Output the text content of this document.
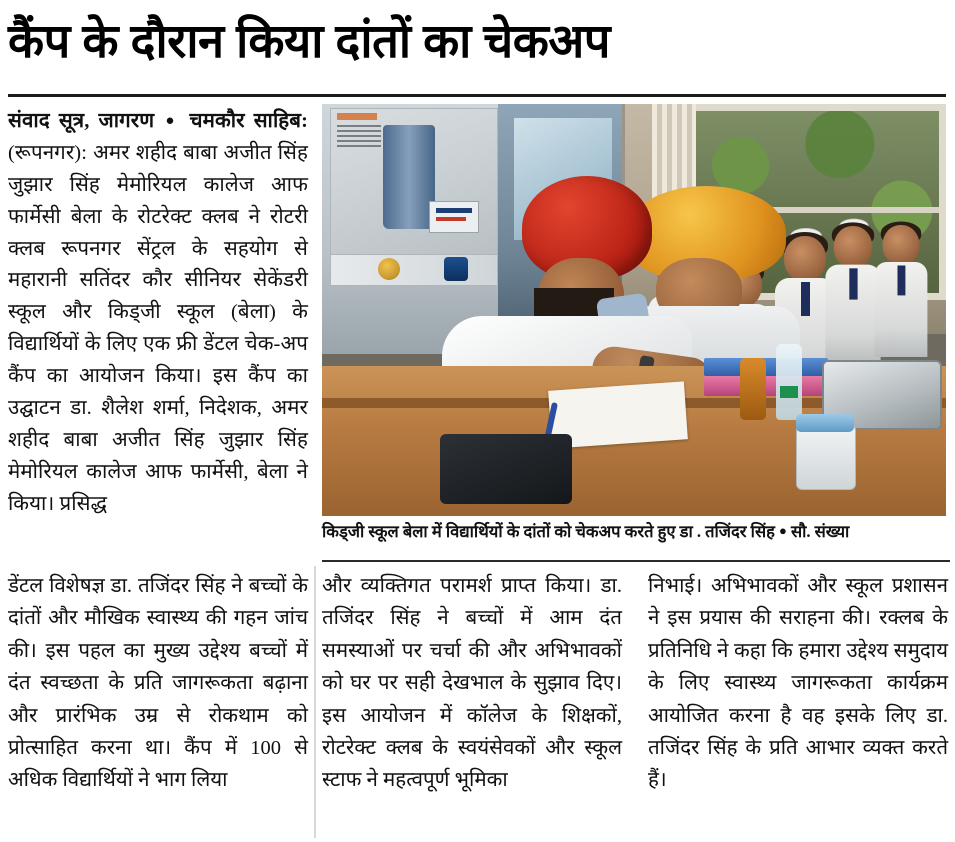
कैंप के दौरान किया दांतों का चेकअप
संवाद सूत्र, जागरण ● चमकौर साहिब: (रूपनगर): अमर शहीद बाबा अजीत सिंह जुझार सिंह मेमोरियल कालेज आफ फार्मेसी बेला के रोटरेक्ट क्लब ने रोटरी क्लब रूपनगर सेंट्रल के सहयोग से महारानी सतिंदर कौर सीनियर सेकेंडरी स्कूल और किड्जी स्कूल (बेला) के विद्यार्थियों के लिए एक फ्री डेंटल चेक-अप कैंप का आयोजन किया। इस कैंप का उद्घाटन डा. शैलेश शर्मा, निदेशक, अमर शहीद बाबा अजीत सिंह जुझार सिंह मेमोरियल कालेज आफ फार्मेसी, बेला ने किया। प्रसिद्ध
किड्जी स्कूल बेला में विद्यार्थियों के दांतों को चेकअप करते हुए डा . तजिंदर सिंह ● सौ. संख्या
डेंटल विशेषज्ञ डा. तजिंदर सिंह ने बच्चों के दांतों और मौखिक स्वास्थ्य की गहन जांच की। इस पहल का मुख्य उद्देश्य बच्चों में दंत स्वच्छता के प्रति जागरूकता बढ़ाना और प्रारंभिक उम्र से रोकथाम को प्रोत्साहित करना था। कैंप में 100 से अधिक विद्यार्थियों ने भाग लिया
और व्यक्तिगत परामर्श प्राप्त किया। डा. तजिंदर सिंह ने बच्चों में आम दंत समस्याओं पर चर्चा की और अभिभावकों को घर पर सही देखभाल के सुझाव दिए। इस आयोजन में कॉलेज के शिक्षकों, रोटरेक्ट क्लब के स्वयंसेवकों और स्कूल स्टाफ ने महत्वपूर्ण भूमिका
निभाई। अभिभावकों और स्कूल प्रशासन ने इस प्रयास की सराहना की। रक्लब के प्रतिनिधि ने कहा कि हमारा उद्देश्य समुदाय के लिए स्वास्थ्य जागरूकता कार्यक्रम आयोजित करना है वह इसके लिए डा. तजिंदर सिंह के प्रति आभार व्यक्त करते हैं।
